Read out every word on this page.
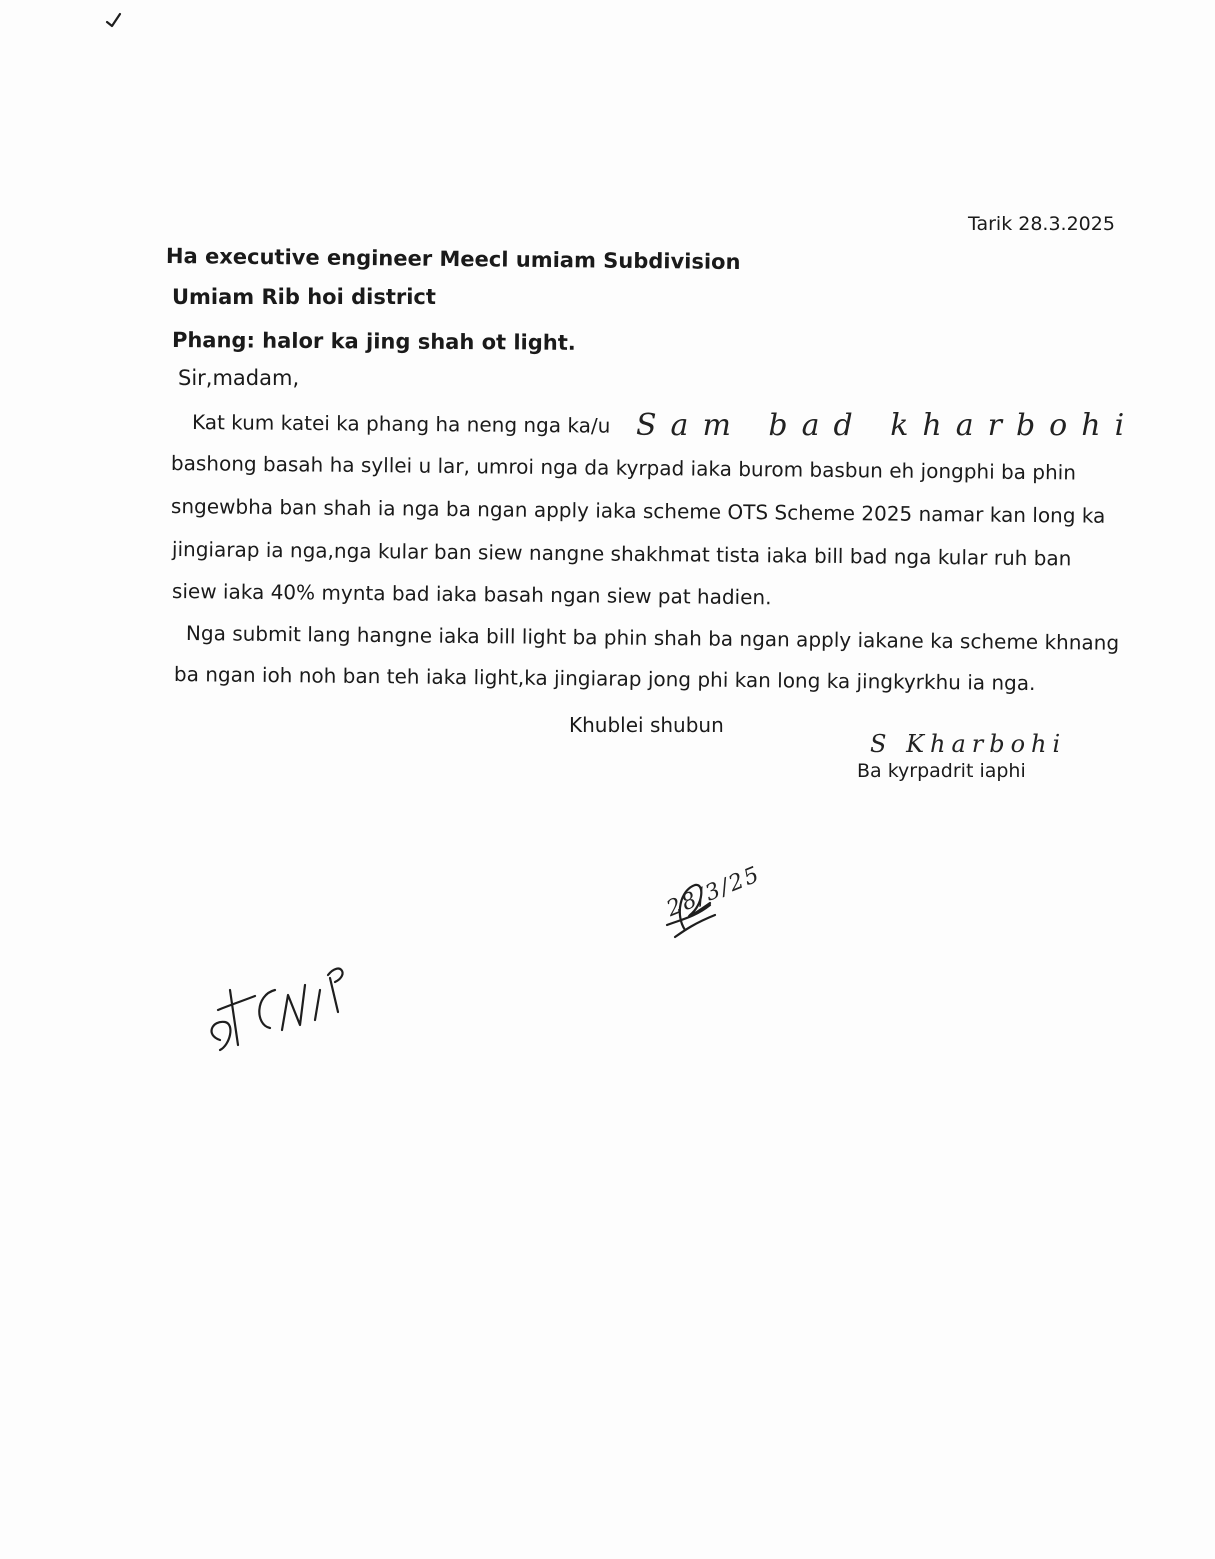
Tarik 28.3.2025
Ha executive engineer Meecl umiam Subdivision
Umiam Rib hoi district
Phang: halor ka jing shah ot light.
Sir,madam,
Kat kum katei ka phang ha neng nga ka/u Sam bad kharbohi
bashong basah ha syllei u lar, umroi nga da kyrpad iaka burom basbun eh jongphi ba phin
sngewbha ban shah ia nga ba ngan apply iaka scheme OTS Scheme 2025 namar kan long ka
jingiarap ia nga,nga kular ban siew nangne shakhmat tista iaka bill bad nga kular ruh ban
siew iaka 40% mynta bad iaka basah ngan siew pat hadien.
Nga submit lang hangne iaka bill light ba phin shah ba ngan apply iakane ka scheme khnang
ba ngan ioh noh ban teh iaka light,ka jingiarap jong phi kan long ka jingkyrkhu ia nga.
Khublei shubun
S Kharbohi
Ba kyrpadrit iaphi
28/3/25
